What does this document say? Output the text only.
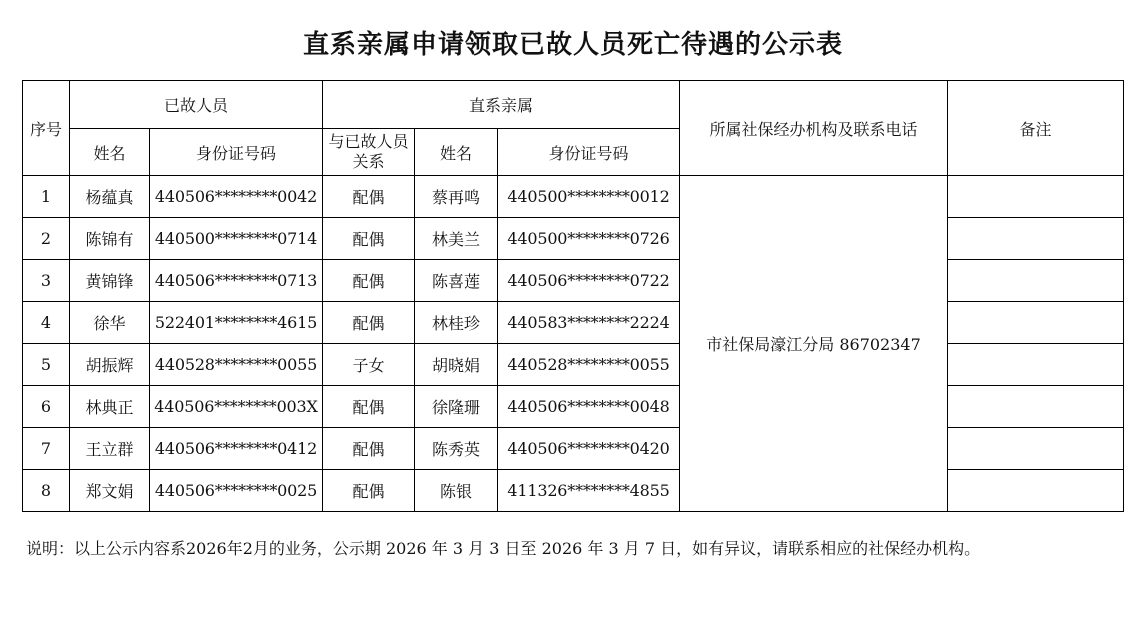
直系亲属申请领取已故人员死亡待遇的公示表
序号	已故人员		直系亲属			所属社保经办机构及联系电话	备注
	姓名	身份证号码	与已故人员关系	姓名	身份证号码		
1	杨蕴真	440506********0042	配偶	蔡再鸣	440500********0012	市社保局濠江分局 86702347	
2	陈锦有	440500********0714	配偶	林美兰	440500********0726		
3	黄锦锋	440506********0713	配偶	陈喜莲	440506********0722		
4	徐华	522401********4615	配偶	林桂珍	440583********2224		
5	胡振辉	440528********0055	子女	胡晓娟	440528********0055		
6	林典正	440506********003X	配偶	徐隆珊	440506********0048		
7	王立群	440506********0412	配偶	陈秀英	440506********0420		
8	郑文娟	440506********0025	配偶	陈银	411326********4855		
说明：以上公示内容系2026年2月的业务，公示期 2026 年 3 月 3 日至 2026 年 3 月 7 日，如有异议，请联系相应的社保经办机构。
